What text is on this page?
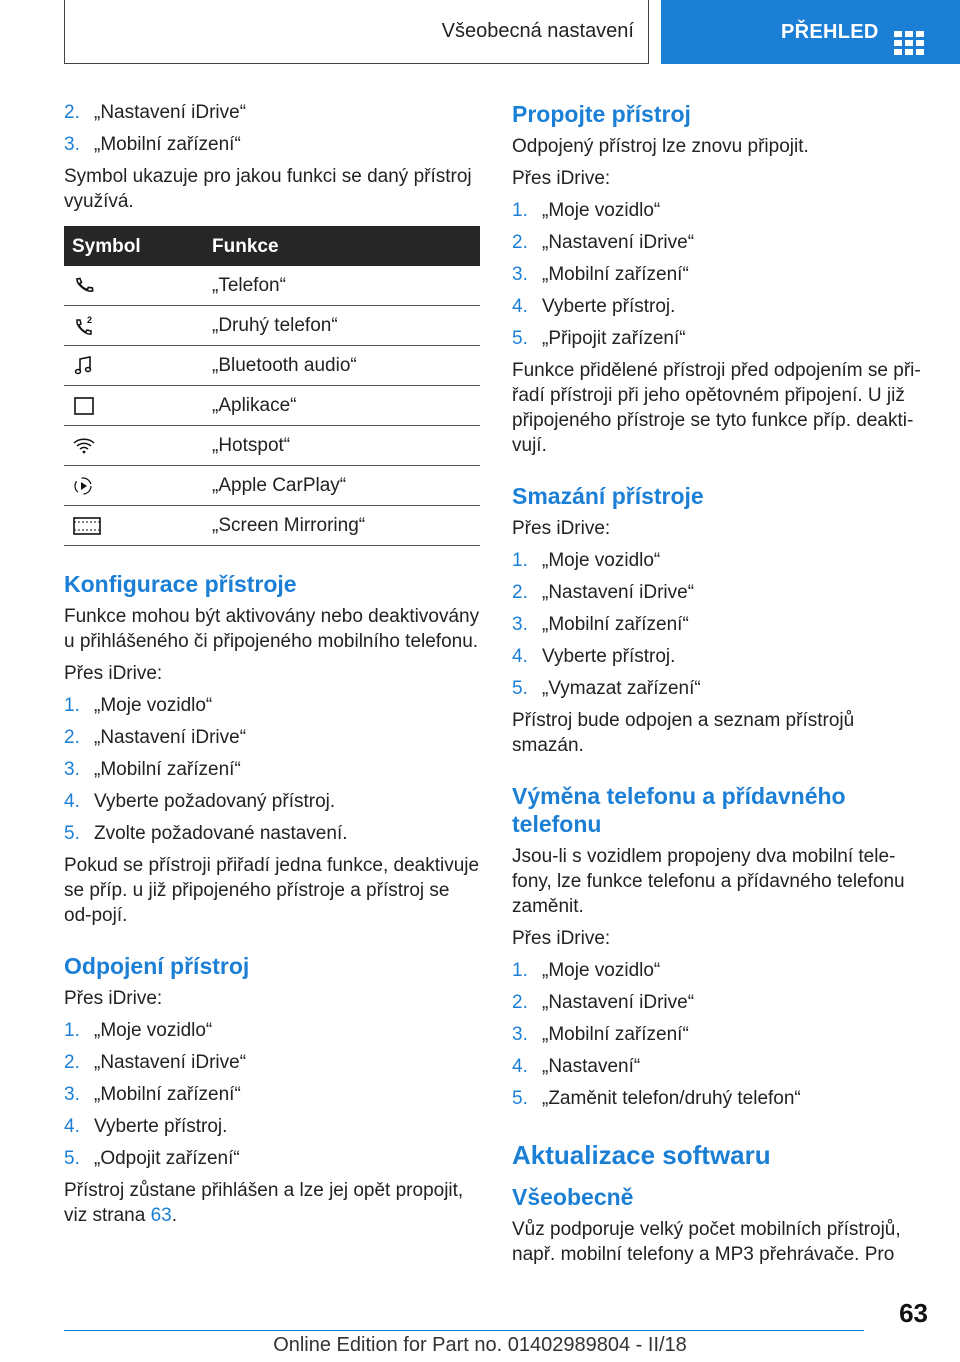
Všeobecná nastavení	PŘEHLED
2. „Nastavení iDrive“
3. „Mobilní zařízení“

Symbol ukazuje pro jakou funkci se daný přístroj využívá.

Symbol	Funkce

	„Telefon“

2	„Druhý telefon“

	„Bluetooth audio“

	„Aplikace“

	„Hotspot“

	„Apple CarPlay“

	„Screen Mirroring“
Konfigurace přístroje

Funkce mohou být aktivovány nebo deaktivovány u přihlášeného či připojeného mobilního telefonu.

Přes iDrive:

1. „Moje vozidlo“
2. „Nastavení iDrive“
3. „Mobilní zařízení“
4. Vyberte požadovaný přístroj.
5. Zvolte požadované nastavení.

Pokud se přístroji přiřadí jedna funkce, deaktivuje se příp. u již připojeného přístroje a přístroj se od-pojí.

Odpojení přístroj

Přes iDrive:

1. „Moje vozidlo“
2. „Nastavení iDrive“
3. „Mobilní zařízení“
4. Vyberte přístroj.
5. „Odpojit zařízení“

Přístroj zůstane přihlášen a lze jej opět propojit, viz strana 63.

Propojte přístroj

Odpojený přístroj lze znovu připojit.

Přes iDrive:

1. „Moje vozidlo“
2. „Nastavení iDrive“
3. „Mobilní zařízení“
4. Vyberte přístroj.
5. „Připojit zařízení“

Funkce přidělené přístroji před odpojením se při-řadí přístroji při jeho opětovném připojení. U již připojeného přístroje se tyto funkce příp. deakti-vují.

Smazání přístroje

Přes iDrive:

1. „Moje vozidlo“
2. „Nastavení iDrive“
3. „Mobilní zařízení“
4. Vyberte přístroj.
5. „Vymazat zařízení“

Přístroj bude odpojen a seznam přístrojů smazán.

Výměna telefonu a přídavného telefonu

Jsou-li s vozidlem propojeny dva mobilní tele-fony, lze funkce telefonu a přídavného telefonu zaměnit.

Přes iDrive:

1. „Moje vozidlo“
2. „Nastavení iDrive“
3. „Mobilní zařízení“
4. „Nastavení“
5. „Zaměnit telefon/druhý telefon“
Aktualizace softwaru
Všeobecně

Vůz podporuje velký počet mobilních přístrojů, např. mobilní telefony a MP3 přehrávače. Pro

63
Online Edition for Part no. 01402989804 - II/18
